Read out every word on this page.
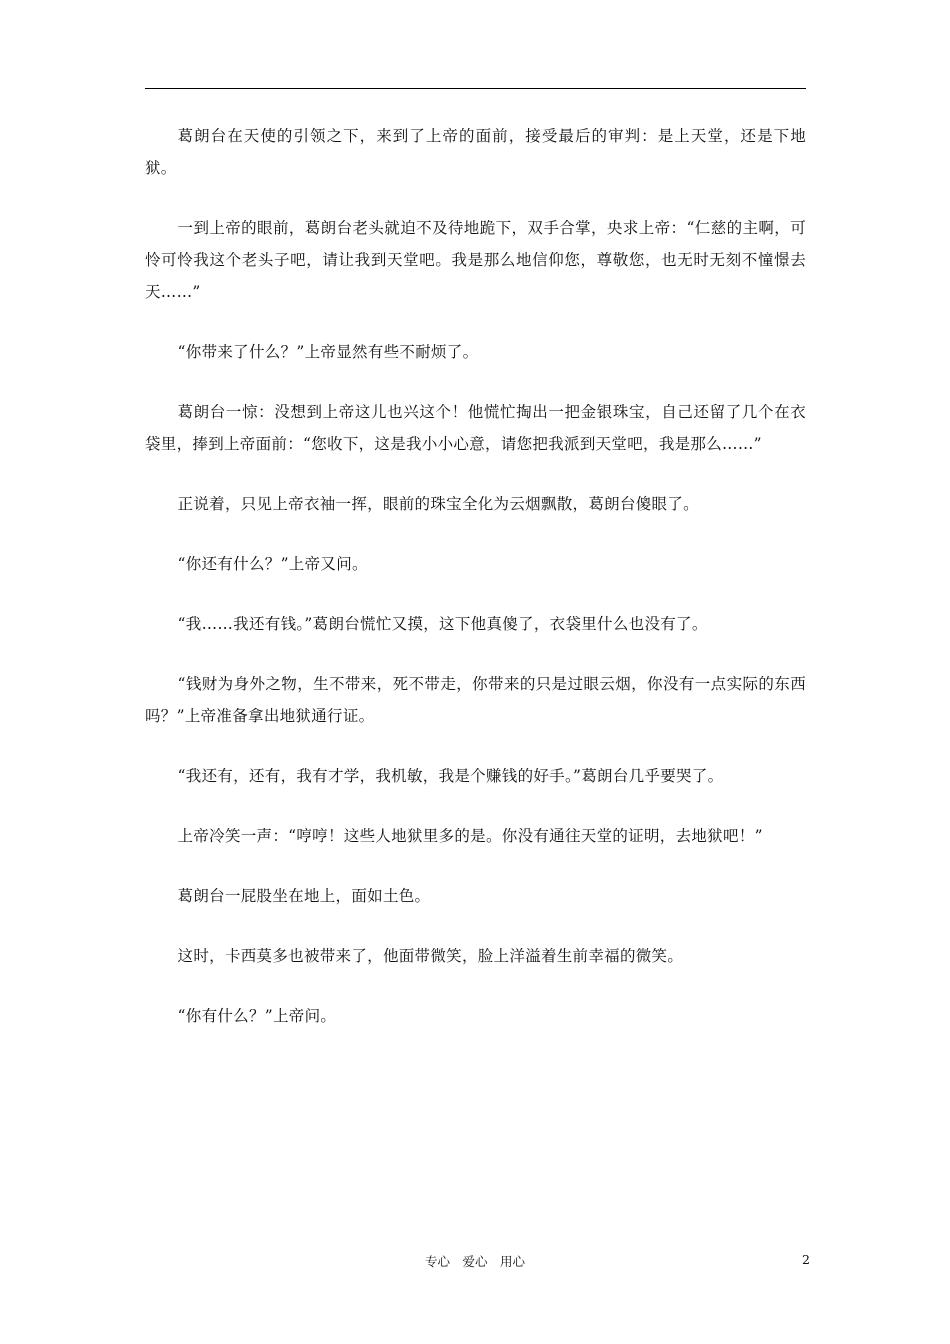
葛朗台在天使的引领之下，来到了上帝的面前，接受最后的审判：是上天堂，还是下地狱。

一到上帝的眼前，葛朗台老头就迫不及待地跪下，双手合掌，央求上帝：“仁慈的主啊，可怜可怜我这个老头子吧，请让我到天堂吧。我是那么地信仰您，尊敬您，也无时无刻不憧憬去天……”

“你带来了什么？”上帝显然有些不耐烦了。

葛朗台一惊：没想到上帝这儿也兴这个！他慌忙掏出一把金银珠宝，自己还留了几个在衣袋里，捧到上帝面前：“您收下，这是我小小心意，请您把我派到天堂吧，我是那么……”

正说着，只见上帝衣袖一挥，眼前的珠宝全化为云烟飘散，葛朗台傻眼了。

“你还有什么？”上帝又问。

“我……我还有钱。”葛朗台慌忙又摸，这下他真傻了，衣袋里什么也没有了。

“钱财为身外之物，生不带来，死不带走，你带来的只是过眼云烟，你没有一点实际的东西吗？”上帝准备拿出地狱通行证。

“我还有，还有，我有才学，我机敏，我是个赚钱的好手。”葛朗台几乎要哭了。

上帝冷笑一声：“哼哼！这些人地狱里多的是。你没有通往天堂的证明，去地狱吧！”

葛朗台一屁股坐在地上，面如土色。

这时，卡西莫多也被带来了，他面带微笑，脸上洋溢着生前幸福的微笑。

“你有什么？”上帝问。

专心　爱心　用心	2
